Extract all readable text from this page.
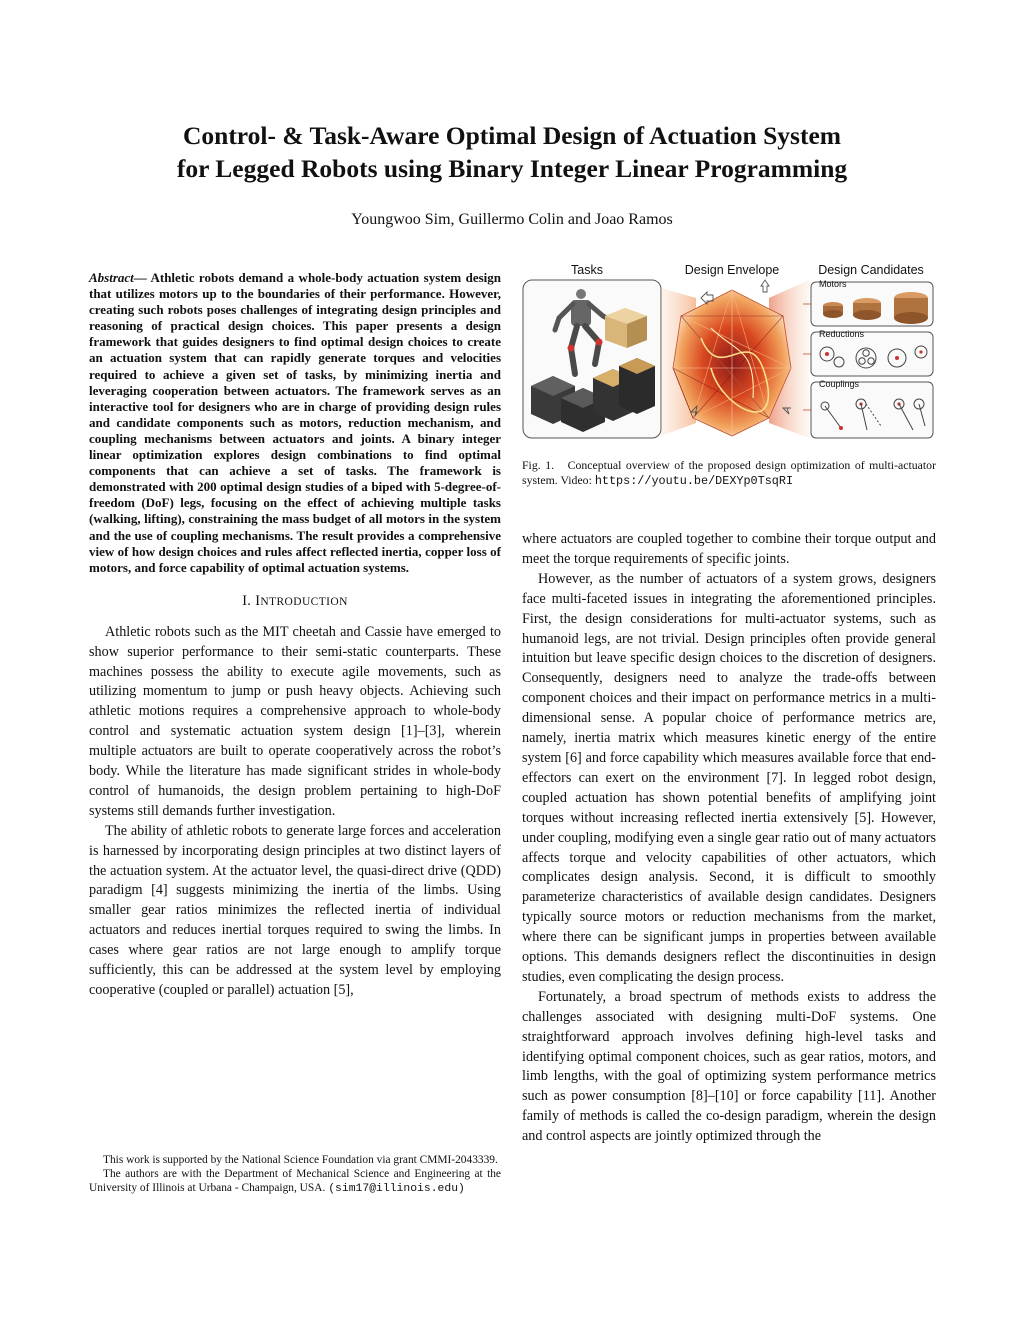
Control- & Task-Aware Optimal Design of Actuation System
for Legged Robots using Binary Integer Linear Programming
Youngwoo Sim, Guillermo Colin and Joao Ramos

Abstract— Athletic robots demand a whole-body actuation system design that utilizes motors up to the boundaries of their performance. However, creating such robots poses challenges of integrating design principles and reasoning of practical design choices. This paper presents a design framework that guides designers to find optimal design choices to create an actuation system that can rapidly generate torques and velocities required to achieve a given set of tasks, by minimizing inertia and leveraging cooperation between actuators. The framework serves as an interactive tool for designers who are in charge of providing design rules and candidate components such as motors, reduction mechanism, and coupling mechanisms between actuators and joints. A binary integer linear optimization explores design combinations to find optimal components that can achieve a set of tasks. The framework is demonstrated with 200 optimal design studies of a biped with 5-degree-of-freedom (DoF) legs, focusing on the effect of achieving multiple tasks (walking, lifting), constraining the mass budget of all motors in the system and the use of coupling mechanisms. The result provides a comprehensive view of how design choices and rules affect reflected inertia, copper loss of motors, and force capability of optimal actuation systems.

I. INTRODUCTION

Athletic robots such as the MIT cheetah and Cassie have emerged to show superior performance to their semi-static counterparts. These machines possess the ability to execute agile movements, such as utilizing momentum to jump or push heavy objects. Achieving such athletic motions requires a comprehensive approach to whole-body control and systematic actuation system design [1]–[3], wherein multiple actuators are built to operate cooperatively across the robot’s body. While the literature has made significant strides in whole-body control of humanoids, the design problem pertaining to high-DoF systems still demands further investigation.

The ability of athletic robots to generate large forces and acceleration is harnessed by incorporating design principles at two distinct layers of the actuation system. At the actuator level, the quasi-direct drive (QDD) paradigm [4] suggests minimizing the inertia of the limbs. Using smaller gear ratios minimizes the reflected inertia of individual actuators and reduces inertial torques required to swing the limbs. In cases where gear ratios are not large enough to amplify torque sufficiently, this can be addressed at the system level by employing cooperative (coupled or parallel) actuation [5],

This work is supported by the National Science Foundation via grant CMMI-2043339.

The authors are with the Department of Mechanical Science and Engineering at the University of Illinois at Urbana - Champaign, USA. (sim17@illinois.edu)

Tasks	Design Envelope	Design Candidates
Motors
Reductions
Couplings
Fig. 1. Conceptual overview of the proposed design optimization of multi-actuator system. Video: https://youtu.be/DEXYp0TsqRI

where actuators are coupled together to combine their torque output and meet the torque requirements of specific joints.

However, as the number of actuators of a system grows, designers face multi-faceted issues in integrating the aforementioned principles. First, the design considerations for multi-actuator systems, such as humanoid legs, are not trivial. Design principles often provide general intuition but leave specific design choices to the discretion of designers. Consequently, designers need to analyze the trade-offs between component choices and their impact on performance metrics in a multi-dimensional sense. A popular choice of performance metrics are, namely, inertia matrix which measures kinetic energy of the entire system [6] and force capability which measures available force that end-effectors can exert on the environment [7]. In legged robot design, coupled actuation has shown potential benefits of amplifying joint torques without increasing reflected inertia extensively [5]. However, under coupling, modifying even a single gear ratio out of many actuators affects torque and velocity capabilities of other actuators, which complicates design analysis. Second, it is difficult to smoothly parameterize characteristics of available design candidates. Designers typically source motors or reduction mechanisms from the market, where there can be significant jumps in properties between available options. This demands designers reflect the discontinuities in design studies, even complicating the design process.

Fortunately, a broad spectrum of methods exists to address the challenges associated with designing multi-DoF systems. One straightforward approach involves defining high-level tasks and identifying optimal component choices, such as gear ratios, motors, and limb lengths, with the goal of optimizing system performance metrics such as power consumption [8]–[10] or force capability [11]. Another family of methods is called the co-design paradigm, wherein the design and control aspects are jointly optimized through the
